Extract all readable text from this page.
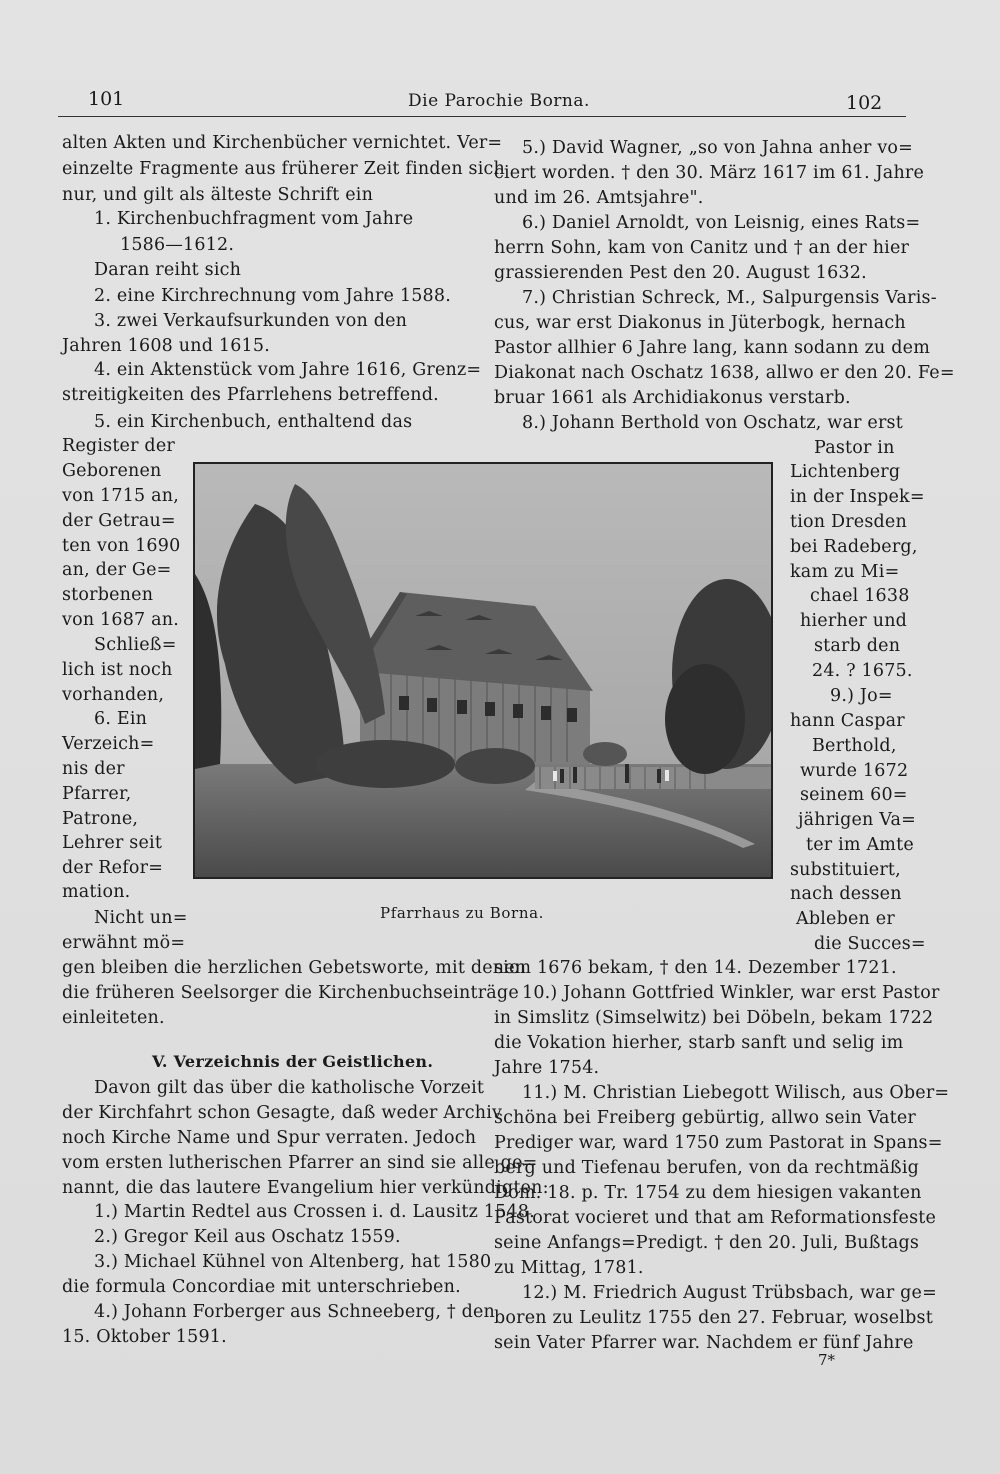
101	Die Parochie Borna.	102
alten Akten und Kirchenbücher vernichtet. Ver=
einzelte Fragmente aus früherer Zeit finden sich
nur, und gilt als älteste Schrift ein
1. Kirchenbuchfragment vom Jahre
1586—1612.
Daran reiht sich
2. eine Kirchrechnung vom Jahre 1588.
3. zwei Verkaufsurkunden von den
Jahren 1608 und 1615.
4. ein Aktenstück vom Jahre 1616, Grenz=
streitigkeiten des Pfarrlehens betreffend.
5. ein Kirchenbuch, enthaltend das
Register der
Geborenen
von 1715 an,
der Getrau=
ten von 1690
an, der Ge=
storbenen
von 1687 an.
Schließ=
lich ist noch
vorhanden,
6. Ein
Verzeich=
nis der
Pfarrer,
Patrone,
Lehrer seit
der Refor=
mation.
Nicht un=
erwähnt mö=
gen bleiben die herzlichen Gebetsworte, mit denen
die früheren Seelsorger die Kirchenbuchseinträge
einleiteten.
V. Verzeichnis der Geistlichen.
Davon gilt das über die katholische Vorzeit
der Kirchfahrt schon Gesagte, daß weder Archiv
noch Kirche Name und Spur verraten. Jedoch
vom ersten lutherischen Pfarrer an sind sie alle ge=
nannt, die das lautere Evangelium hier verkündigten:
1.) Martin Redtel aus Crossen i. d. Lausitz 1548.
2.) Gregor Keil aus Oschatz 1559.
3.) Michael Kühnel von Altenberg, hat 1580
die formula Concordiae mit unterschrieben.
4.) Johann Forberger aus Schneeberg, † den
15. Oktober 1591.
5.) David Wagner, „so von Jahna anher vo=
ciert worden. † den 30. März 1617 im 61. Jahre
und im 26. Amtsjahre".
6.) Daniel Arnoldt, von Leisnig, eines Rats=
herrn Sohn, kam von Canitz und † an der hier
grassierenden Pest den 20. August 1632.
7.) Christian Schreck, M., Salpurgensis Varis-
cus, war erst Diakonus in Jüterbogk, hernach
Pastor allhier 6 Jahre lang, kann sodann zu dem
Diakonat nach Oschatz 1638, allwo er den 20. Fe=
bruar 1661 als Archidiakonus verstarb.
8.) Johann Berthold von Oschatz, war erst
Pastor in
Lichtenberg
in der Inspek=
tion Dresden
bei Radeberg,
kam zu Mi=
chael 1638
hierher und
starb den
24. ? 1675.
9.) Jo=
hann Caspar
Berthold,
wurde 1672
seinem 60=
jährigen Va=
ter im Amte
substituiert,
nach dessen
Ableben er
die Succes=
sion 1676 bekam, † den 14. Dezember 1721.
10.) Johann Gottfried Winkler, war erst Pastor
in Simslitz (Simselwitz) bei Döbeln, bekam 1722
die Vokation hierher, starb sanft und selig im
Jahre 1754.
11.) M. Christian Liebegott Wilisch, aus Ober=
schöna bei Freiberg gebürtig, allwo sein Vater
Prediger war, ward 1750 zum Pastorat in Spans=
berg und Tiefenau berufen, von da rechtmäßig
Dom. 18. p. Tr. 1754 zu dem hiesigen vakanten
Pastorat vocieret und that am Reformationsfeste
seine Anfangs=Predigt. † den 20. Juli, Bußtags
zu Mittag, 1781.
12.) M. Friedrich August Trübsbach, war ge=
boren zu Leulitz 1755 den 27. Februar, woselbst
sein Vater Pfarrer war. Nachdem er fünf Jahre
Pfarrhaus zu Borna.
7*
